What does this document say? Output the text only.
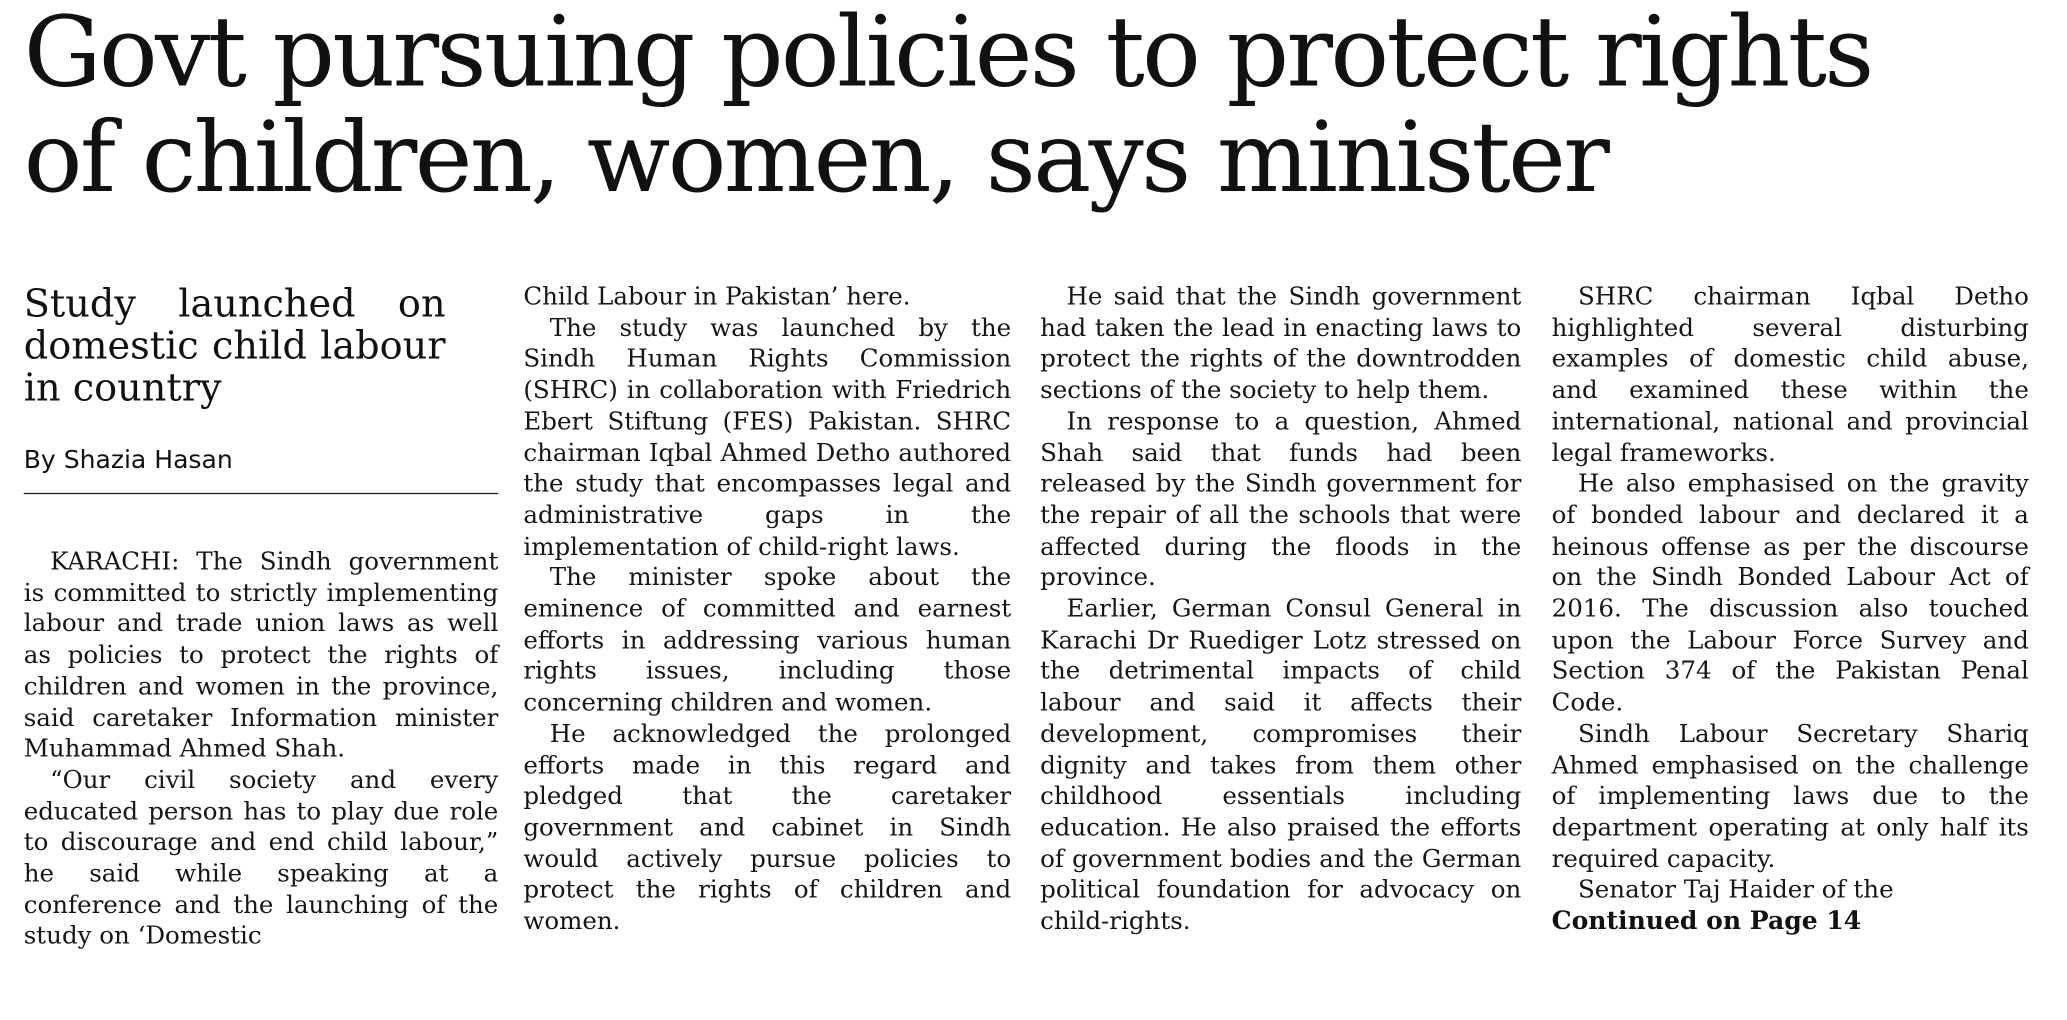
Govt pursuing policies to protect rights
of children, women, says minister
Study launched on domestic child labour in country
By Shazia Hasan

KARACHI: The Sindh government is committed to strictly implementing labour and trade union laws as well as policies to protect the rights of children and women in the province, said caretaker Information minister Muhammad Ahmed Shah.

“Our civil society and every educated person has to play due role to discourage and end child labour,” he said while speaking at a conference and the launching of the study on ‘Domestic

Child Labour in Pakistan’ here.

The study was launched by the Sindh Human Rights Commission (SHRC) in collaboration with Friedrich Ebert Stiftung (FES) Pakistan. SHRC chairman Iqbal Ahmed Detho authored the study that encompasses legal and administrative gaps in the implementation of child-right laws.

The minister spoke about the eminence of committed and earnest efforts in addressing various human rights issues, including those concerning children and women.

He acknowledged the prolonged efforts made in this regard and pledged that the caretaker government and cabinet in Sindh would actively pursue policies to protect the rights of children and women.

He said that the Sindh government had taken the lead in enacting laws to protect the rights of the downtrodden sections of the society to help them.

In response to a question, Ahmed Shah said that funds had been released by the Sindh government for the repair of all the schools that were affected during the floods in the province.

Earlier, German Consul General in Karachi Dr Ruediger Lotz stressed on the detrimental impacts of child labour and said it affects their development, compromises their dignity and takes from them other childhood essentials including education. He also praised the efforts of government bodies and the German political foundation for advocacy on child-rights.

SHRC chairman Iqbal Detho highlighted several disturbing examples of domestic child abuse, and examined these within the international, national and provincial legal frameworks.

He also emphasised on the gravity of bonded labour and declared it a heinous offense as per the discourse on the Sindh Bonded Labour Act of 2016. The discussion also touched upon the Labour Force Survey and Section 374 of the Pakistan Penal Code.

Sindh Labour Secretary Shariq Ahmed emphasised on the challenge of implementing laws due to the department operating at only half its required capacity.

Senator Taj Haider of the

Continued on Page 14
